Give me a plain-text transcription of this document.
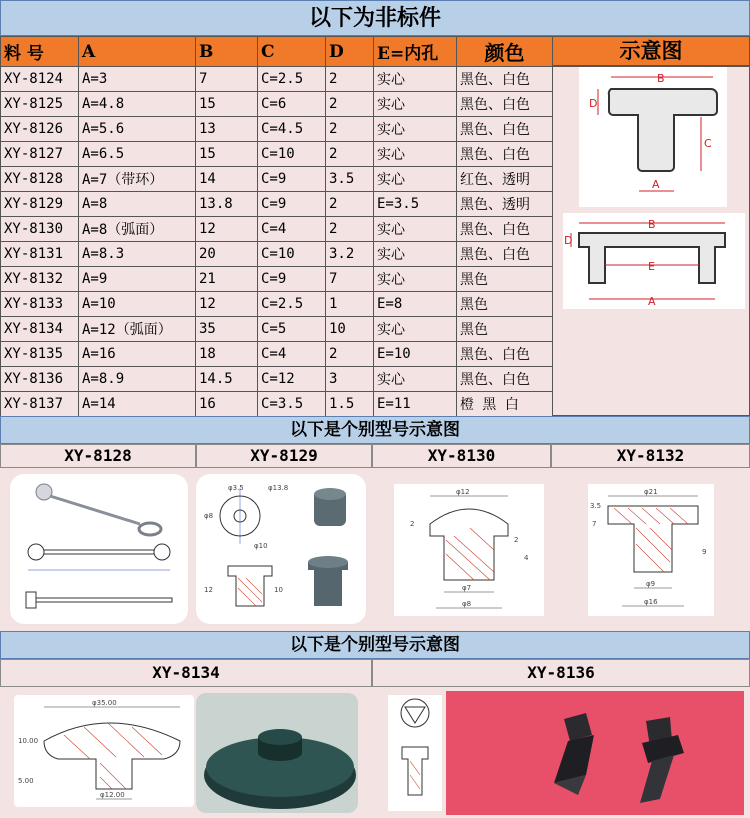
以下为非标件
料 号	A	B	C	D	E=内孔	颜色
XY-8124	A=3	7	C=2.5	2	实心	黑色、白色
XY-8125	A=4.8	15	C=6	2	实心	黑色、白色
XY-8126	A=5.6	13	C=4.5	2	实心	黑色、白色
XY-8127	A=6.5	15	C=10	2	实心	黑色、白色
XY-8128	A=7（带环）	14	C=9	3.5	实心	红色、透明
XY-8129	A=8	13.8	C=9	2	E=3.5	黑色、透明
XY-8130	A=8（弧面）	12	C=4	2	实心	黑色、白色
XY-8131	A=8.3	20	C=10	3.2	实心	黑色、白色
XY-8132	A=9	21	C=9	7	实心	黑色
XY-8133	A=10	12	C=2.5	1	E=8	黑色
XY-8134	A=12（弧面）	35	C=5	10	实心	黑色
XY-8135	A=16	18	C=4	2	E=10	黑色、白色
XY-8136	A=8.9	14.5	C=12	3	实心	黑色、白色
XY-8137	A=14	16	C=3.5	1.5	E=11	橙 黑 白
示意图
B
D
C
A
B
E
A
D
以下是个别型号示意图
XY-8128	XY-8129	XY-8130	XY-8132
φ3.5	φ13.8
φ8
φ10
12	10
φ12
2
2
4
φ7
φ8
φ21
3.5
7
9
φ9
φ16
以下是个别型号示意图
XY-8134	XY-8136
φ35.00
φ12.00
10.00
5.00
